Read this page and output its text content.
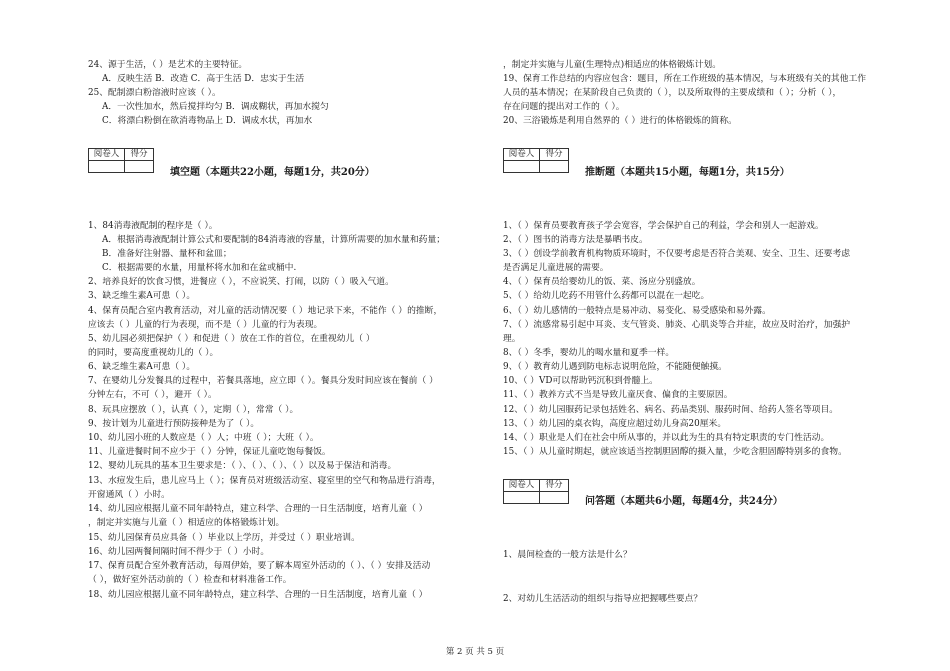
24、源于生活，（ ）是艺术的主要特征。
A．反映生活 B．改造 C．高于生活 D．忠实于生活
25、配制漂白粉溶液时应该（ ）。
A．一次性加水，然后搅拌均匀 B．调成糊状，再加水搅匀
C．将漂白粉倒在欲消毒物品上 D．调成水状，再加水
阅卷人	得分

填空题（本题共22小题，每题1分，共20分）
1、84消毒液配制的程序是（ ）。
A．根据消毒液配制计算公式和要配制的84消毒液的容量，计算所需要的加水量和药量；
B．准备好注射器、量杯和盆皿；
C．根据需要的水量，用量杯将水加和在盆或桶中.
2、培养良好的饮食习惯，进餐应（ ），不应说笑、打闹，以防（ ）吸入气道。
3、缺乏维生素A可患（ ）。
4、保育员配合室内教育活动，对儿童的活动情况要（ ）地记录下来，不能作（ ）的推断，
应该去（ ）儿童的行为表现，而不是（ ）儿童的行为表现。
5、幼儿园必须把保护（ ）和促进（ ）放在工作的首位，在重视幼儿（ ）
的同时，要高度重视幼儿的（ ）。
6、缺乏维生素A可患（ ）。
7、在婴幼儿分发餐具的过程中，若餐具落地，应立即（ ）。餐具分发时间应该在餐前（ ）
分钟左右，不可（ ），避开（ ）。
8、玩具应摆放（ ），认真（ ），定期（ ），常常（ ）。
9、按计划为儿童进行预防接种是为了（ ）。
10、幼儿园小班的人数应是（ ）人；中班（ ）；大班（ ）。
11、儿童进餐时间不应少于（ ）分钟，保证儿童吃饱每餐饭。
12、婴幼儿玩具的基本卫生要求是：（ ）、（ ）、（ ）、（ ）以及易于保洁和消毒。
13、水痘发生后，患儿应马上（ ）；保育员对班级活动室、寝室里的空气和物品进行消毒，
开窗通风（ ）小时。
14、幼儿园应根据儿童不同年龄特点，建立科学、合理的一日生活制度，培育儿童（ ）
，制定并实施与儿童（ ）相适应的体格锻炼计划。
15、幼儿园保育员应具备（ ）毕业以上学历，并受过（ ）职业培训。
16、幼儿园两餐间隔时间不得少于（ ）小时。
17、保育员配合室外教育活动，每周伊始，要了解本周室外活动的（ ）、（ ）安排及活动
（ ），做好室外活动前的（ ）检查和材料准备工作。
18、幼儿园应根据儿童不同年龄特点，建立科学、合理的一日生活制度，培育儿童（ ）
，制定并实施与儿童(生理特点)相适应的体格锻炼计划。
19、保育工作总结的内容应包含：题目，所在工作班级的基本情况，与本班级有关的其他工作
人员的基本情况；在某阶段自己负责的（ ），以及所取得的主要成绩和（ ）；分析（ ），
存在问题的提出对工作的（ ）。
20、三浴锻炼是利用自然界的（ ）进行的体格锻炼的简称。
阅卷人	得分

推断题（本题共15小题，每题1分，共15分）
1、（ ）保育员要教育孩子学会宽容，学会保护自己的利益，学会和别人一起游戏。
2、（ ）图书的消毒方法是暴晒书皮。
3、（ ）创设学前教育机构物质环境时，不仅要考虑是否符合美观、安全、卫生、还要考虑
是否满足儿童进展的需要。
4、（ ）保育员给婴幼儿的饭、菜、汤应分别盛放。
5、（ ）给幼儿吃药不用管什么药都可以混在一起吃。
6、（ ）幼儿感情的一般特点是易冲动、易变化、易受感染和易外露。
7、（ ）流感常易引起中耳炎、支气管炎、肺炎、心肌炎等合并症，故应及时治疗，加强护
理。
8、（ ）冬季，婴幼儿的喝水量和夏季一样。
9、（ ）教育幼儿遇到防电标志说明危险，不能随便触摸。
10、（ ）VD可以帮助钙沉积到骨髓上。
11、（ ）教养方式不当是导致儿童厌食、偏食的主要原因。
12、（ ）幼儿园服药记录包括姓名、病名、药品类别、服药时间、给药人签名等项目。
13、（ ）幼儿园的桌衣钩，高度应超过幼儿身高20厘米。
14、（ ）职业是人们在社会中所从事的，并以此为生的具有特定职责的专门性活动。
15、（ ）从儿童时期起，就应该适当控制胆固醇的摄入量，少吃含胆固醇特别多的食物。
阅卷人	得分

问答题（本题共6小题，每题4分，共24分）
1、晨间检查的一般方法是什么？
2、对幼儿生活活动的组织与指导应把握哪些要点？
第 2 页 共 5 页
